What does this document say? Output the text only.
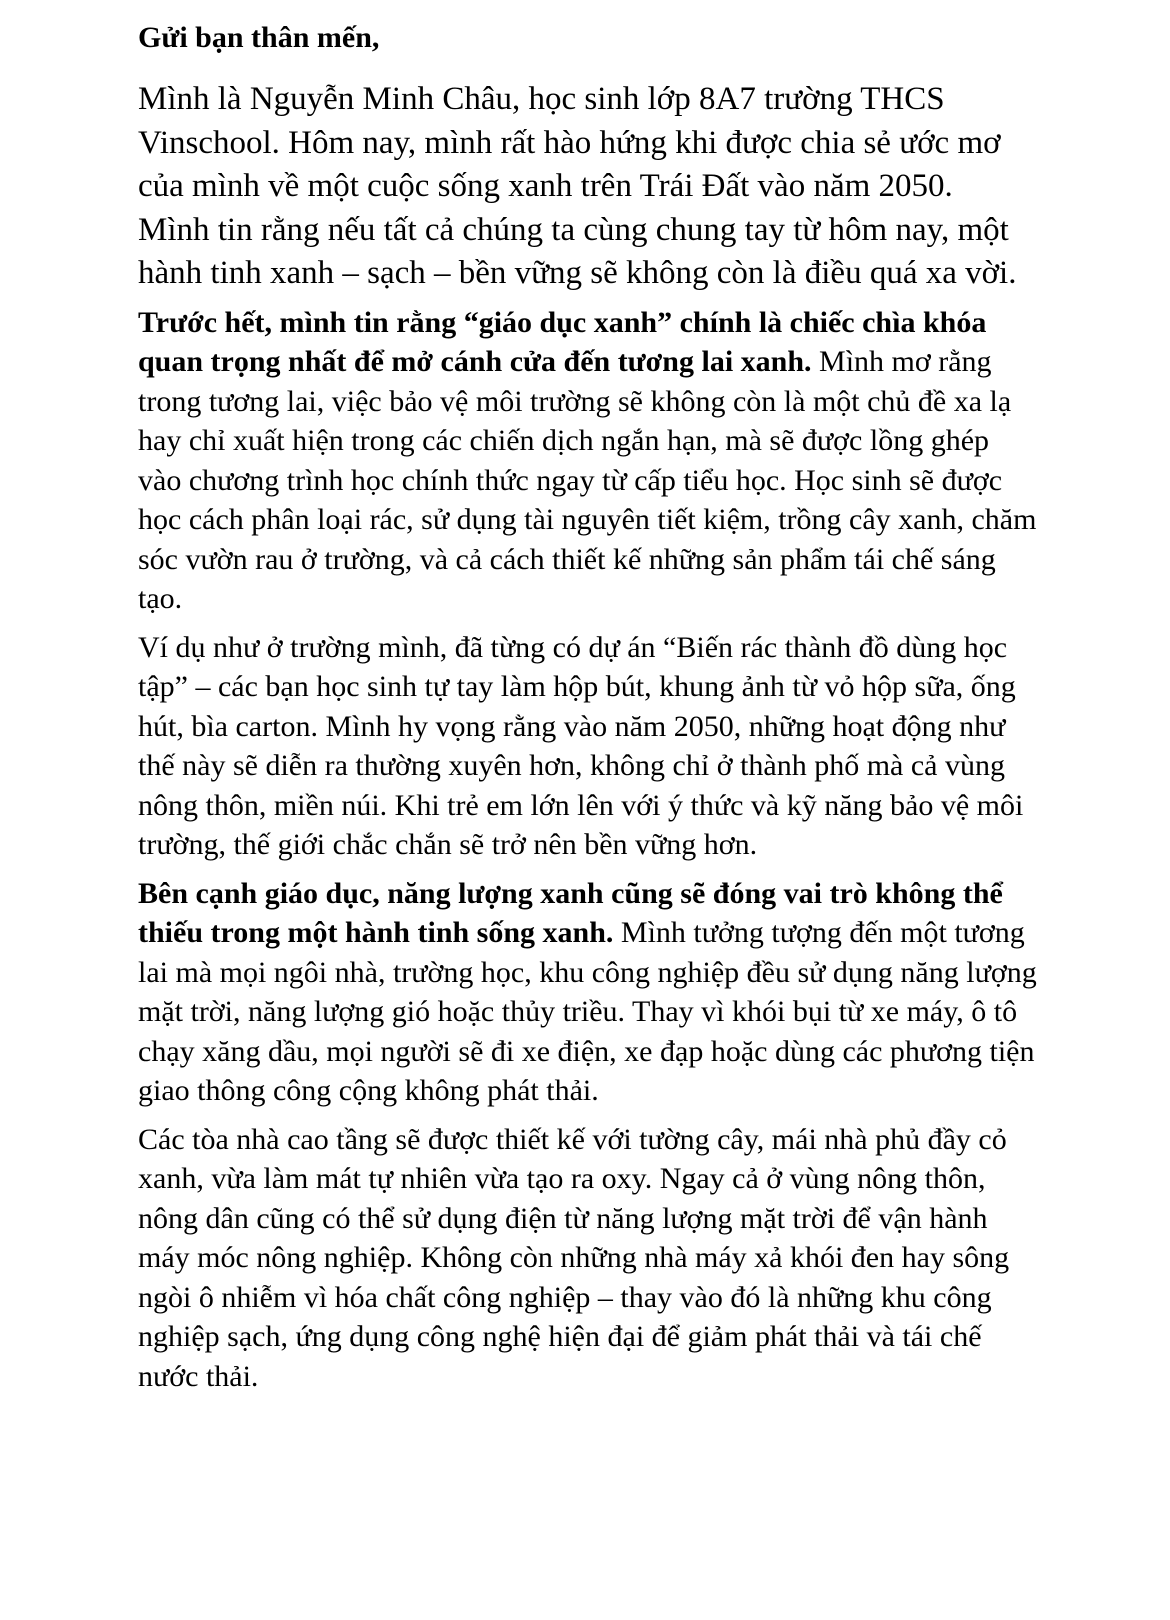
Gửi bạn thân mến,

Mình là Nguyễn Minh Châu, học sinh lớp 8A7 trường THCS Vinschool. Hôm nay, mình rất hào hứng khi được chia sẻ ước mơ của mình về một cuộc sống xanh trên Trái Đất vào năm 2050. Mình tin rằng nếu tất cả chúng ta cùng chung tay từ hôm nay, một hành tinh xanh – sạch – bền vững sẽ không còn là điều quá xa vời.

Trước hết, mình tin rằng “giáo dục xanh” chính là chiếc chìa khóa quan trọng nhất để mở cánh cửa đến tương lai xanh. Mình mơ rằng trong tương lai, việc bảo vệ môi trường sẽ không còn là một chủ đề xa lạ hay chỉ xuất hiện trong các chiến dịch ngắn hạn, mà sẽ được lồng ghép vào chương trình học chính thức ngay từ cấp tiểu học. Học sinh sẽ được học cách phân loại rác, sử dụng tài nguyên tiết kiệm, trồng cây xanh, chăm sóc vườn rau ở trường, và cả cách thiết kế những sản phẩm tái chế sáng tạo.

Ví dụ như ở trường mình, đã từng có dự án “Biến rác thành đồ dùng học tập” – các bạn học sinh tự tay làm hộp bút, khung ảnh từ vỏ hộp sữa, ống hút, bìa carton. Mình hy vọng rằng vào năm 2050, những hoạt động như thế này sẽ diễn ra thường xuyên hơn, không chỉ ở thành phố mà cả vùng nông thôn, miền núi. Khi trẻ em lớn lên với ý thức và kỹ năng bảo vệ môi trường, thế giới chắc chắn sẽ trở nên bền vững hơn.

Bên cạnh giáo dục, năng lượng xanh cũng sẽ đóng vai trò không thể thiếu trong một hành tinh sống xanh. Mình tưởng tượng đến một tương lai mà mọi ngôi nhà, trường học, khu công nghiệp đều sử dụng năng lượng mặt trời, năng lượng gió hoặc thủy triều. Thay vì khói bụi từ xe máy, ô tô chạy xăng dầu, mọi người sẽ đi xe điện, xe đạp hoặc dùng các phương tiện giao thông công cộng không phát thải.

Các tòa nhà cao tầng sẽ được thiết kế với tường cây, mái nhà phủ đầy cỏ xanh, vừa làm mát tự nhiên vừa tạo ra oxy. Ngay cả ở vùng nông thôn, nông dân cũng có thể sử dụng điện từ năng lượng mặt trời để vận hành máy móc nông nghiệp. Không còn những nhà máy xả khói đen hay sông ngòi ô nhiễm vì hóa chất công nghiệp – thay vào đó là những khu công nghiệp sạch, ứng dụng công nghệ hiện đại để giảm phát thải và tái chế nước thải.
